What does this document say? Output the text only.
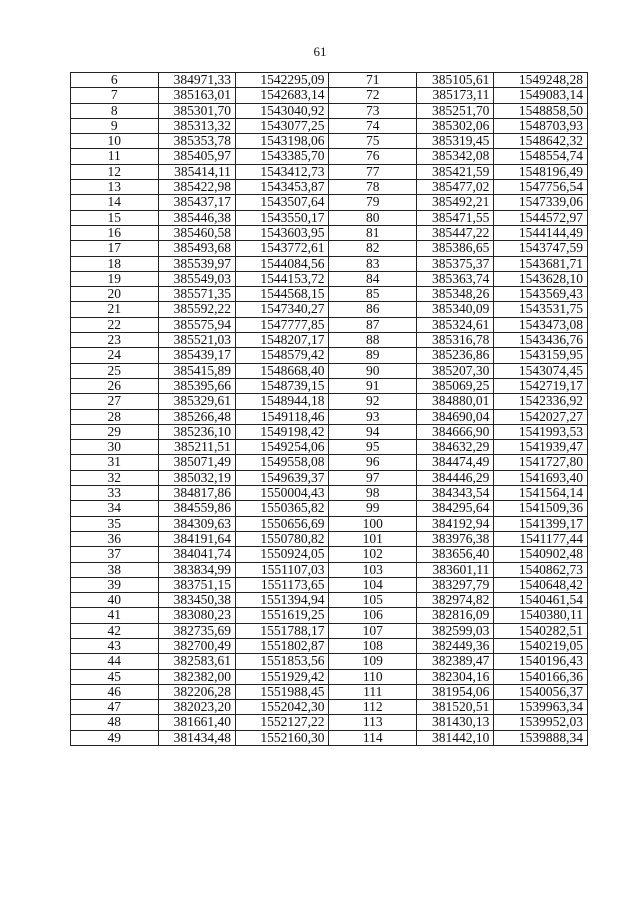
61
6	384971,33	1542295,09	71	385105,61	1549248,28
7	385163,01	1542683,14	72	385173,11	1549083,14
8	385301,70	1543040,92	73	385251,70	1548858,50
9	385313,32	1543077,25	74	385302,06	1548703,93
10	385353,78	1543198,06	75	385319,45	1548642,32
11	385405,97	1543385,70	76	385342,08	1548554,74
12	385414,11	1543412,73	77	385421,59	1548196,49
13	385422,98	1543453,87	78	385477,02	1547756,54
14	385437,17	1543507,64	79	385492,21	1547339,06
15	385446,38	1543550,17	80	385471,55	1544572,97
16	385460,58	1543603,95	81	385447,22	1544144,49
17	385493,68	1543772,61	82	385386,65	1543747,59
18	385539,97	1544084,56	83	385375,37	1543681,71
19	385549,03	1544153,72	84	385363,74	1543628,10
20	385571,35	1544568,15	85	385348,26	1543569,43
21	385592,22	1547340,27	86	385340,09	1543531,75
22	385575,94	1547777,85	87	385324,61	1543473,08
23	385521,03	1548207,17	88	385316,78	1543436,76
24	385439,17	1548579,42	89	385236,86	1543159,95
25	385415,89	1548668,40	90	385207,30	1543074,45
26	385395,66	1548739,15	91	385069,25	1542719,17
27	385329,61	1548944,18	92	384880,01	1542336,92
28	385266,48	1549118,46	93	384690,04	1542027,27
29	385236,10	1549198,42	94	384666,90	1541993,53
30	385211,51	1549254,06	95	384632,29	1541939,47
31	385071,49	1549558,08	96	384474,49	1541727,80
32	385032,19	1549639,37	97	384446,29	1541693,40
33	384817,86	1550004,43	98	384343,54	1541564,14
34	384559,86	1550365,82	99	384295,64	1541509,36
35	384309,63	1550656,69	100	384192,94	1541399,17
36	384191,64	1550780,82	101	383976,38	1541177,44
37	384041,74	1550924,05	102	383656,40	1540902,48
38	383834,99	1551107,03	103	383601,11	1540862,73
39	383751,15	1551173,65	104	383297,79	1540648,42
40	383450,38	1551394,94	105	382974,82	1540461,54
41	383080,23	1551619,25	106	382816,09	1540380,11
42	382735,69	1551788,17	107	382599,03	1540282,51
43	382700,49	1551802,87	108	382449,36	1540219,05
44	382583,61	1551853,56	109	382389,47	1540196,43
45	382382,00	1551929,42	110	382304,16	1540166,36
46	382206,28	1551988,45	111	381954,06	1540056,37
47	382023,20	1552042,30	112	381520,51	1539963,34
48	381661,40	1552127,22	113	381430,13	1539952,03
49	381434,48	1552160,30	114	381442,10	1539888,34
